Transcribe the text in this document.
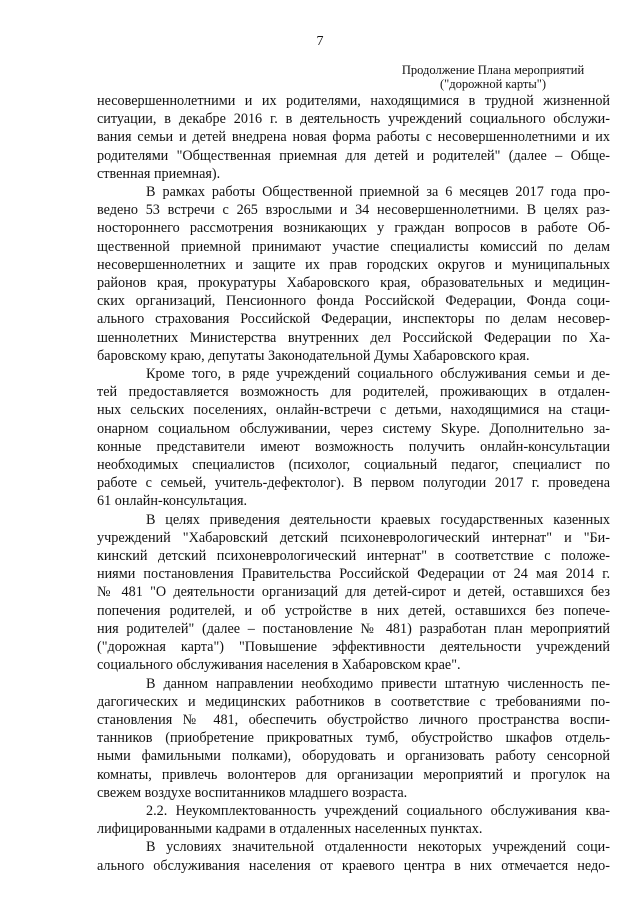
7
Продолжение Плана мероприятий
("дорожной карты")
несовершеннолетними и их родителями, находящимися в трудной жизненной
ситуации, в декабре 2016 г. в деятельность учреждений социального обслужи-
вания семьи и детей внедрена новая форма работы с несовершеннолетними и их
родителями "Общественная приемная для детей и родителей" (далее – Обще-
ственная приемная).
В рамках работы Общественной приемной за 6 месяцев 2017 года про-
ведено 53 встречи с 265 взрослыми и 34 несовершеннолетними. В целях раз-
ностороннего рассмотрения возникающих у граждан вопросов в работе Об-
щественной приемной принимают участие специалисты комиссий по делам
несовершеннолетних и защите их прав городских округов и муниципальных
районов края, прокуратуры Хабаровского края, образовательных и медицин-
ских организаций, Пенсионного фонда Российской Федерации, Фонда соци-
ального страхования Российской Федерации, инспекторы по делам несовер-
шеннолетних Министерства внутренних дел Российской Федерации по Ха-
баровскому краю, депутаты Законодательной Думы Хабаровского края.
Кроме того, в ряде учреждений социального обслуживания семьи и де-
тей предоставляется возможность для родителей, проживающих в отдален-
ных сельских поселениях, онлайн-встречи с детьми, находящимися на стаци-
онарном социальном обслуживании, через систему Skype. Дополнительно за-
конные представители имеют возможность получить онлайн-консультации
необходимых специалистов (психолог, социальный педагог, специалист по
работе с семьей, учитель-дефектолог). В первом полугодии 2017 г. проведена
61 онлайн-консультация.
В целях приведения деятельности краевых государственных казенных
учреждений "Хабаровский детский психоневрологический интернат" и "Би-
кинский детский психоневрологический интернат" в соответствие с положе-
ниями постановления Правительства Российской Федерации от 24 мая 2014 г.
№ 481 "О деятельности организаций для детей-сирот и детей, оставшихся без
попечения родителей, и об устройстве в них детей, оставшихся без попече-
ния родителей" (далее – постановление № 481) разработан план мероприятий
("дорожная карта") "Повышение эффективности деятельности учреждений
социального обслуживания населения в Хабаровском крае".
В данном направлении необходимо привести штатную численность пе-
дагогических и медицинских работников в соответствие с требованиями по-
становления № 481, обеспечить обустройство личного пространства воспи-
танников (приобретение прикроватных тумб, обустройство шкафов отдель-
ными фамильными полками), оборудовать и организовать работу сенсорной
комнаты, привлечь волонтеров для организации мероприятий и прогулок на
свежем воздухе воспитанников младшего возраста.
2.2. Неукомплектованность учреждений социального обслуживания ква-
лифицированными кадрами в отдаленных населенных пунктах.
В условиях значительной отдаленности некоторых учреждений соци-
ального обслуживания населения от краевого центра в них отмечается недо-
